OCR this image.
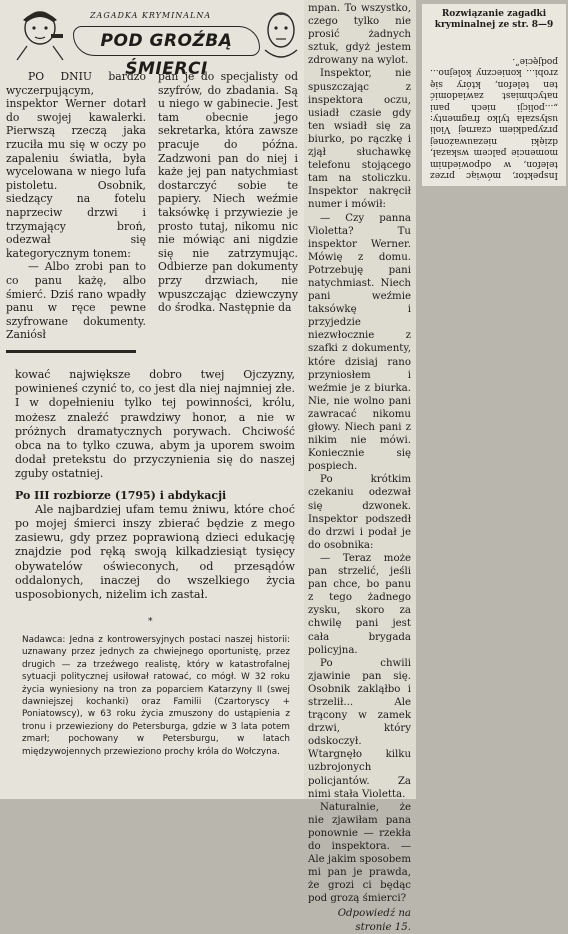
ZAGADKA KRYMINALNA
POD GROŹBĄ ŚMIERCI

PO DNIU bardzo wyczerpującym, inspektor Werner dotarł do swojej kawalerki. Pierwszą rzeczą jaka rzuciła mu się w oczy po zapaleniu światła, była wycelowana w niego lufa pistoletu. Osobnik, siedzący na fotelu naprzeciw drzwi i trzymający broń, odezwał się kategorycznym tonem:

— Albo zrobi pan to co panu każę, albo śmierć. Dziś rano wpadły panu w ręce pewne szyfrowane dokumenty. Zaniósł

pan je do specjalisty od szyfrów, do zbadania. Są u niego w gabinecie. Jest tam obecnie jego sekretarka, która zawsze pracuje do późna. Zadzwoni pan do niej i każe jej pan natychmiast dostarczyć sobie te papiery. Niech weźmie taksówkę i przywiezie je prosto tutaj, nikomu nic nie mówiąc ani nigdzie się nie zatrzymując. Odbierze pan dokumenty przy drzwiach, nie wpuszczając dziewczyny do środka. Następnie da

kować największe dobro twej Ojczyzny, powinieneś czynić to, co jest dla niej najmniej złe. I w dopełnieniu tylko tej powinności, królu, możesz znaleźć prawdziwy honor, a nie w próżnych dramatycznych porywach. Chciwość obca na to tylko czuwa, abym ja uporem swoim dodał pretekstu do przyczynienia się do naszej zguby ostatniej.

Po III rozbiorze (1795) i abdykacji

Ale najbardziej ufam temu żniwu, które choć po mojej śmierci inszy zbierać będzie z mego zasiewu, gdy przez poprawioną dzieci edukację znajdzie pod ręką swoją kilkadziesiąt tysięcy obywatelów oświeconych, od przesądów oddalonych, inaczej do wszelkiego życia usposobionych, niżelim ich zastał.

*
Nadawca: Jedna z kontrowersyjnych postaci naszej historii: uznawany przez jednych za chwiejnego oportunistę, przez drugich — za trzeźwego realistę, który w katastrofalnej sytuacji politycznej usiłował ratować, co mógł. W 32 roku życia wyniesiony na tron za poparciem Katarzyny II (swej dawniejszej kochanki) oraz Familii (Czartoryscy + Poniatowscy), w 63 roku życia zmuszony do ustąpienia z tronu i przewieziony do Petersburga, gdzie w 3 lata potem zmarł; pochowany w Petersburgu, w latach międzywojennych przewieziono prochy króla do Wołczyna.

mpan. To wszystko, czego tylko nie prosić żadnych sztuk, gdyż jestem zdrowany na wylot.

Inspektor, nie spuszczając z inspektora oczu, usiadł czasie gdy ten wsiadł się za biurko, po rączkę i zjął słuchawkę telefonu stojącego tam na stoliczku. Inspektor nakręcił numer i mówił:

— Czy panna Violetta? Tu inspektor Werner. Mówię z domu. Potrzebuję pani natychmiast. Niech pani weźmie taksówkę i przyjedzie niezwłocznie z szafki z dokumenty, które dzisiaj rano przyniosłem i weźmie je z biurka. Nie, nie wolno pani zawracać nikomu głowy. Niech pani z nikim nie mówi. Koniecznie się pospiech.

Po krótkim czekaniu odezwał się dzwonek. Inspektor podszedł do drzwi i podał je do osobnika:

— Teraz może pan strzelić, jeśli pan chce, bo panu z tego żadnego zysku, skoro za chwilę pani jest cała brygada policyjna.

Po chwili zjawinie pan się. Osobnik zakląłbo i strzelił... Ale trącony w zamek drzwi, który odskoczył. Wtargnęło kilku uzbrojonych policjantów. Za nimi stała Violetta.

Naturalnie, że nie zjawiłam pana ponownie — rzekła do inspektora. — Ale jakim sposobem mi pan je prawda, że grozi ci będąc pod grozą śmierci?

Odpowiedź na stronie 15.

Rozwiązanie zagadki kryminalnej ze str. 8—9
Inspektor, mówiąc przez telefon, w odpowiednim momencie palcem wskazał, dzięki niezauważonej przypadkiem czarnej Violi usłyszała tylko fragmenty: „...policji niech pani natychmiast zawiadomić ten telefon, który się zrobi... konieczny kolejno... podjęcie”.
